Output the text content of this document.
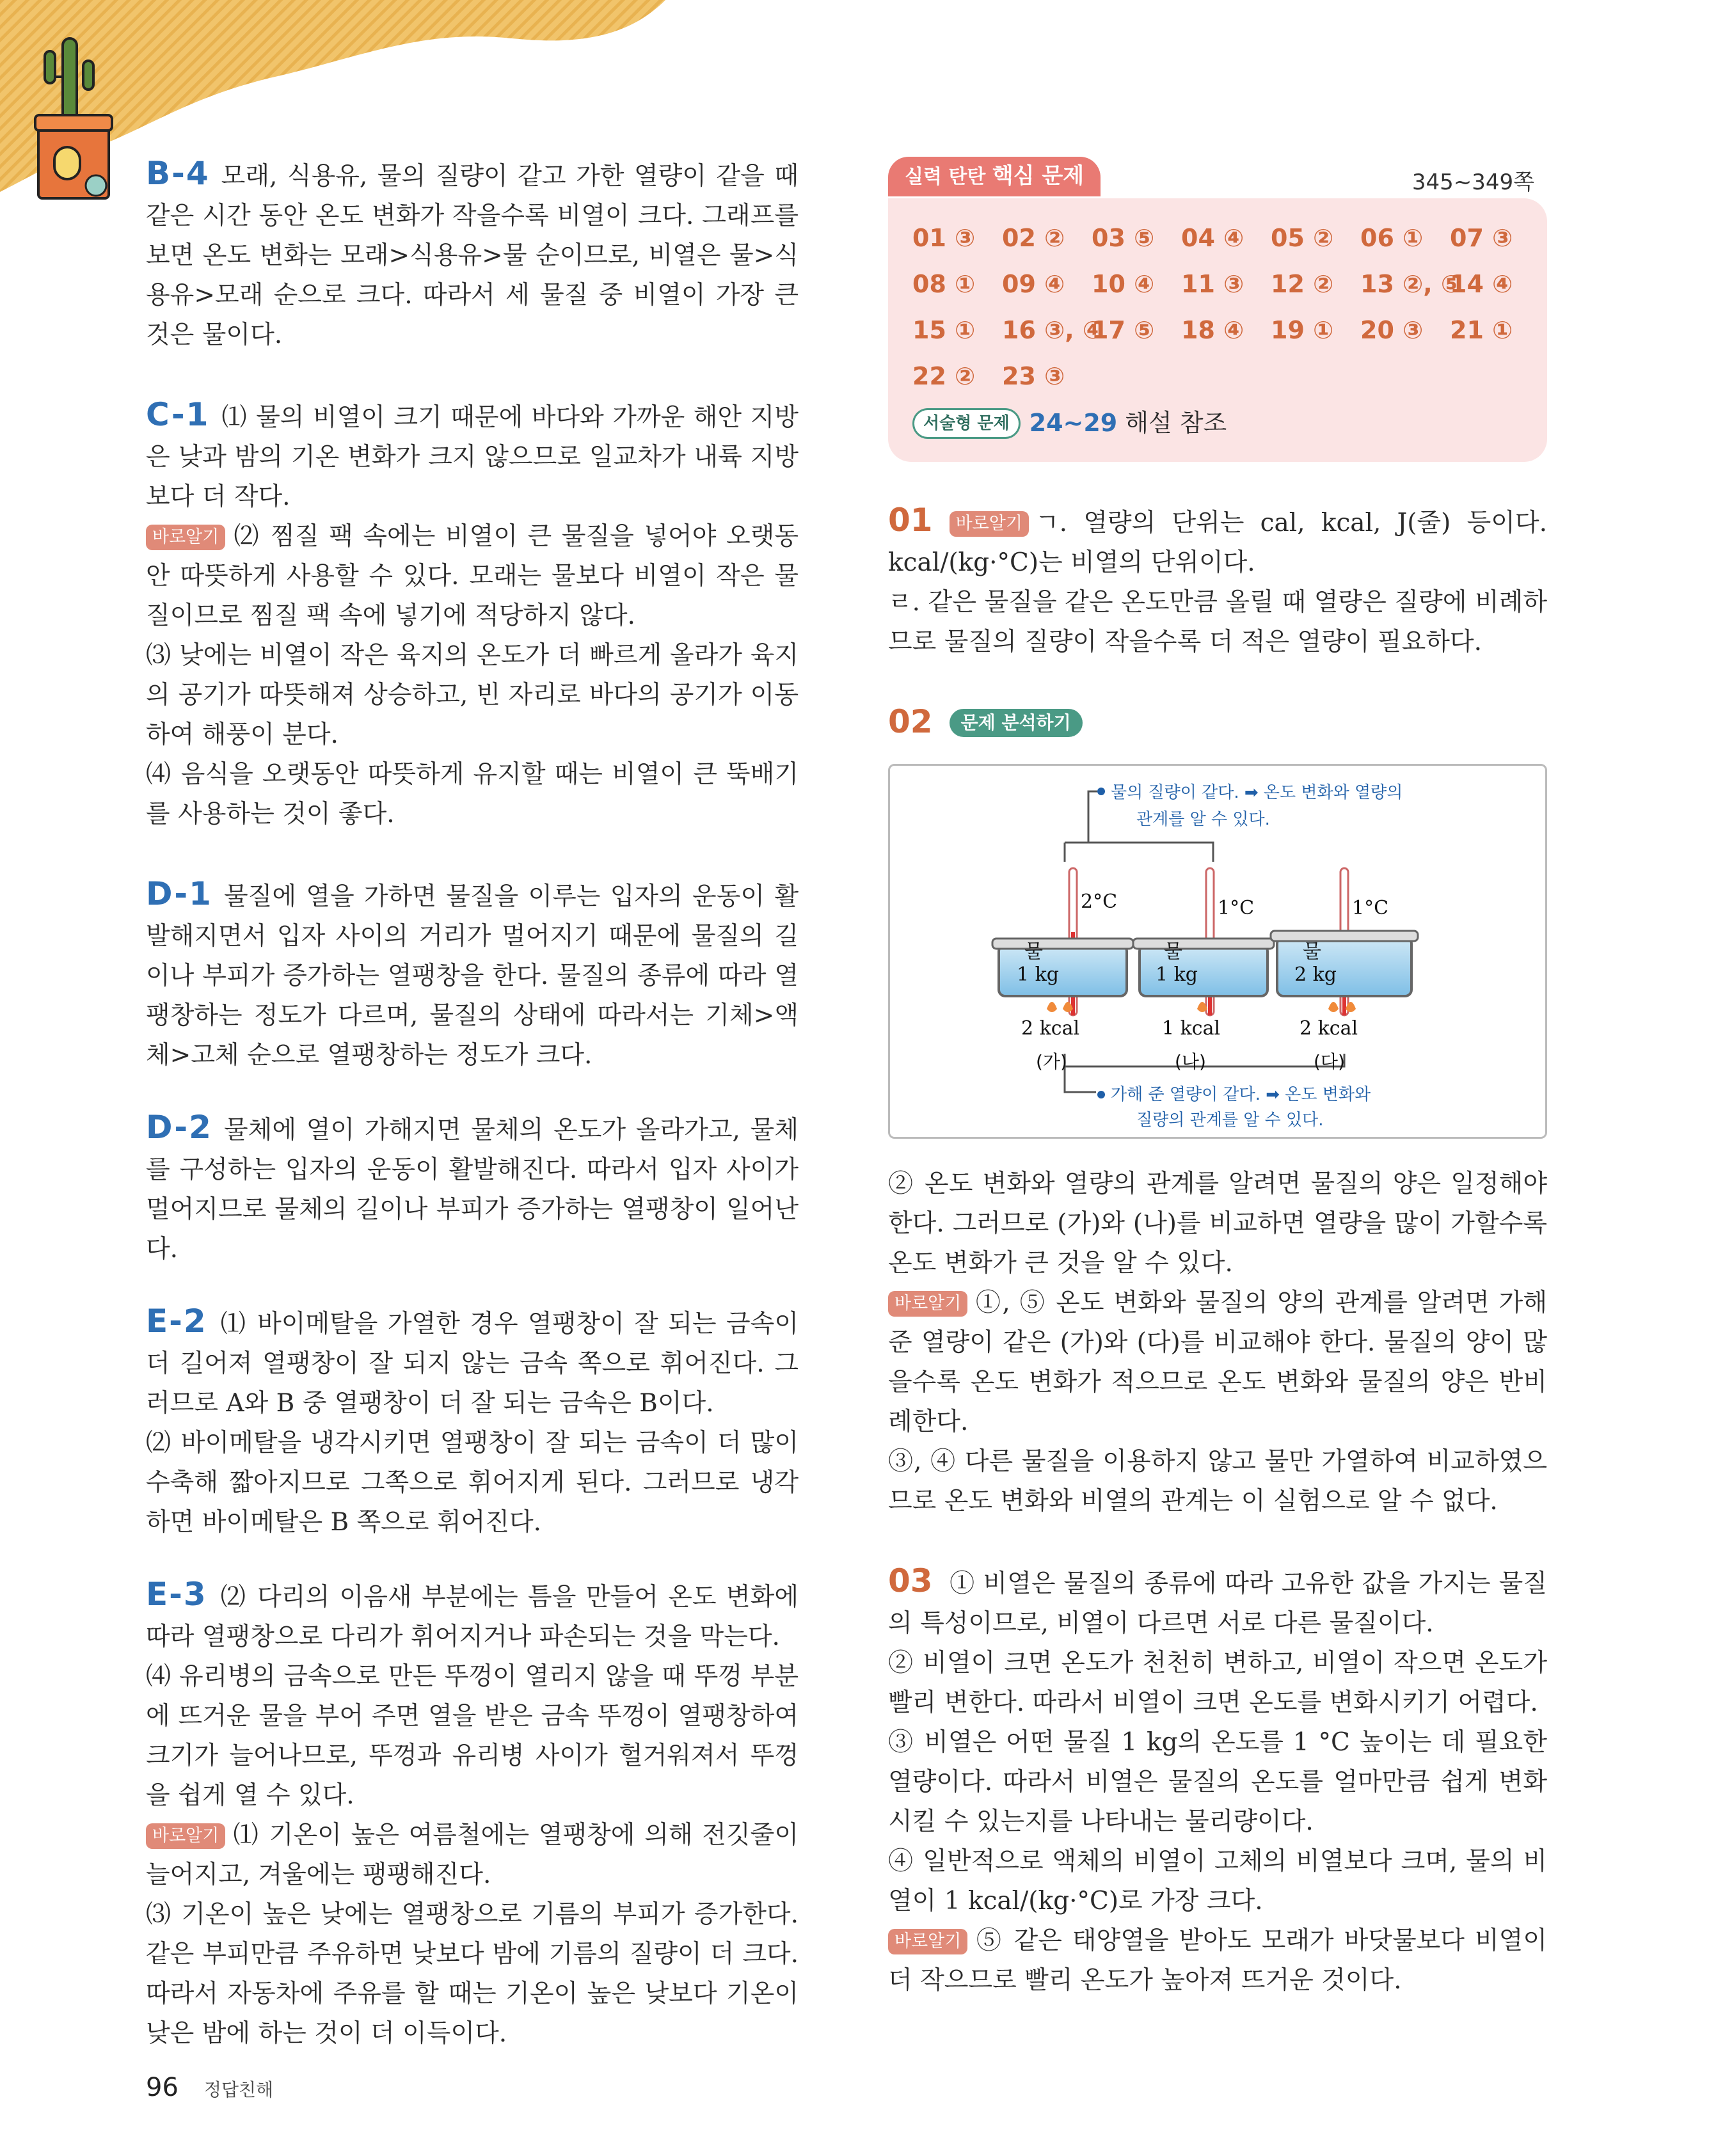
B-4 모래, 식용유, 물의 질량이 같고 가한 열량이 같을 때 같은 시간 동안 온도 변화가 작을수록 비열이 크다. 그래프를 보면 온도 변화는 모래>식용유>물 순이므로, 비열은 물>식용유>모래 순으로 크다. 따라서 세 물질 중 비열이 가장 큰 것은 물이다.
C-1 ⑴ 물의 비열이 크기 때문에 바다와 가까운 해안 지방은 낮과 밤의 기온 변화가 크지 않으므로 일교차가 내륙 지방보다 더 작다.
바로알기 ⑵ 찜질 팩 속에는 비열이 큰 물질을 넣어야 오랫동안 따뜻하게 사용할 수 있다. 모래는 물보다 비열이 작은 물질이므로 찜질 팩 속에 넣기에 적당하지 않다.
⑶ 낮에는 비열이 작은 육지의 온도가 더 빠르게 올라가 육지의 공기가 따뜻해져 상승하고, 빈 자리로 바다의 공기가 이동하여 해풍이 분다.
⑷ 음식을 오랫동안 따뜻하게 유지할 때는 비열이 큰 뚝배기를 사용하는 것이 좋다.
D-1 물질에 열을 가하면 물질을 이루는 입자의 운동이 활발해지면서 입자 사이의 거리가 멀어지기 때문에 물질의 길이나 부피가 증가하는 열팽창을 한다. 물질의 종류에 따라 열팽창하는 정도가 다르며, 물질의 상태에 따라서는 기체>액체>고체 순으로 열팽창하는 정도가 크다.
D-2 물체에 열이 가해지면 물체의 온도가 올라가고, 물체를 구성하는 입자의 운동이 활발해진다. 따라서 입자 사이가 멀어지므로 물체의 길이나 부피가 증가하는 열팽창이 일어난다.
E-2 ⑴ 바이메탈을 가열한 경우 열팽창이 잘 되는 금속이 더 길어져 열팽창이 잘 되지 않는 금속 쪽으로 휘어진다. 그러므로 A와 B 중 열팽창이 더 잘 되는 금속은 B이다.
⑵ 바이메탈을 냉각시키면 열팽창이 잘 되는 금속이 더 많이 수축해 짧아지므로 그쪽으로 휘어지게 된다. 그러므로 냉각하면 바이메탈은 B 쪽으로 휘어진다.
E-3 ⑵ 다리의 이음새 부분에는 틈을 만들어 온도 변화에 따라 열팽창으로 다리가 휘어지거나 파손되는 것을 막는다.
⑷ 유리병의 금속으로 만든 뚜껑이 열리지 않을 때 뚜껑 부분에 뜨거운 물을 부어 주면 열을 받은 금속 뚜껑이 열팽창하여 크기가 늘어나므로, 뚜껑과 유리병 사이가 헐거워져서 뚜껑을 쉽게 열 수 있다.
바로알기 ⑴ 기온이 높은 여름철에는 열팽창에 의해 전깃줄이 늘어지고, 겨울에는 팽팽해진다.
⑶ 기온이 높은 낮에는 열팽창으로 기름의 부피가 증가한다. 같은 부피만큼 주유하면 낮보다 밤에 기름의 질량이 더 크다. 따라서 자동차에 주유를 할 때는 기온이 높은 낮보다 기온이 낮은 밤에 하는 것이 더 이득이다.
실력 탄탄 핵심 문제	345~349쪽
01 ③ 02 ② 03 ⑤ 04 ④ 05 ② 06 ① 07 ③
08 ① 09 ④ 10 ④ 11 ③ 12 ② 13 ②, ⑤14 ④
15 ① 16 ③, ④17 ⑤ 18 ④ 19 ① 20 ③ 21 ①
22 ② 23 ③
서술형 문제 24~29 해설 참조
01 바로알기 ㄱ. 열량의 단위는 cal, kcal, J(줄) 등이다. kcal/(kg·°C)는 비열의 단위이다.
ㄹ. 같은 물질을 같은 온도만큼 올릴 때 열량은 질량에 비례하므로 물질의 질량이 작을수록 더 적은 열량이 필요하다.
02 문제 분석하기
물의 질량이 같다. ➡ 온도 변화와 열량의
관계를 알 수 있다.
가해 준 열량이 같다. ➡ 온도 변화와
질량의 관계를 알 수 있다.
2°C
물
1 kg
2 kcal
(가)
1°C
물
1 kg
1 kcal
(나)
1°C
물
2 kg
2 kcal
(다)
② 온도 변화와 열량의 관계를 알려면 물질의 양은 일정해야 한다. 그러므로 (가)와 (나)를 비교하면 열량을 많이 가할수록 온도 변화가 큰 것을 알 수 있다.
바로알기 ①, ⑤ 온도 변화와 물질의 양의 관계를 알려면 가해 준 열량이 같은 (가)와 (다)를 비교해야 한다. 물질의 양이 많을수록 온도 변화가 적으므로 온도 변화와 물질의 양은 반비례한다.
③, ④ 다른 물질을 이용하지 않고 물만 가열하여 비교하였으므로 온도 변화와 비열의 관계는 이 실험으로 알 수 없다.
03 ① 비열은 물질의 종류에 따라 고유한 값을 가지는 물질의 특성이므로, 비열이 다르면 서로 다른 물질이다.
② 비열이 크면 온도가 천천히 변하고, 비열이 작으면 온도가 빨리 변한다. 따라서 비열이 크면 온도를 변화시키기 어렵다.
③ 비열은 어떤 물질 1 kg의 온도를 1 °C 높이는 데 필요한 열량이다. 따라서 비열은 물질의 온도를 얼마만큼 쉽게 변화시킬 수 있는지를 나타내는 물리량이다.
④ 일반적으로 액체의 비열이 고체의 비열보다 크며, 물의 비열이 1 kcal/(kg·°C)로 가장 크다.
바로알기 ⑤ 같은 태양열을 받아도 모래가 바닷물보다 비열이 더 작으므로 빨리 온도가 높아져 뜨거운 것이다.
96 정답친해
